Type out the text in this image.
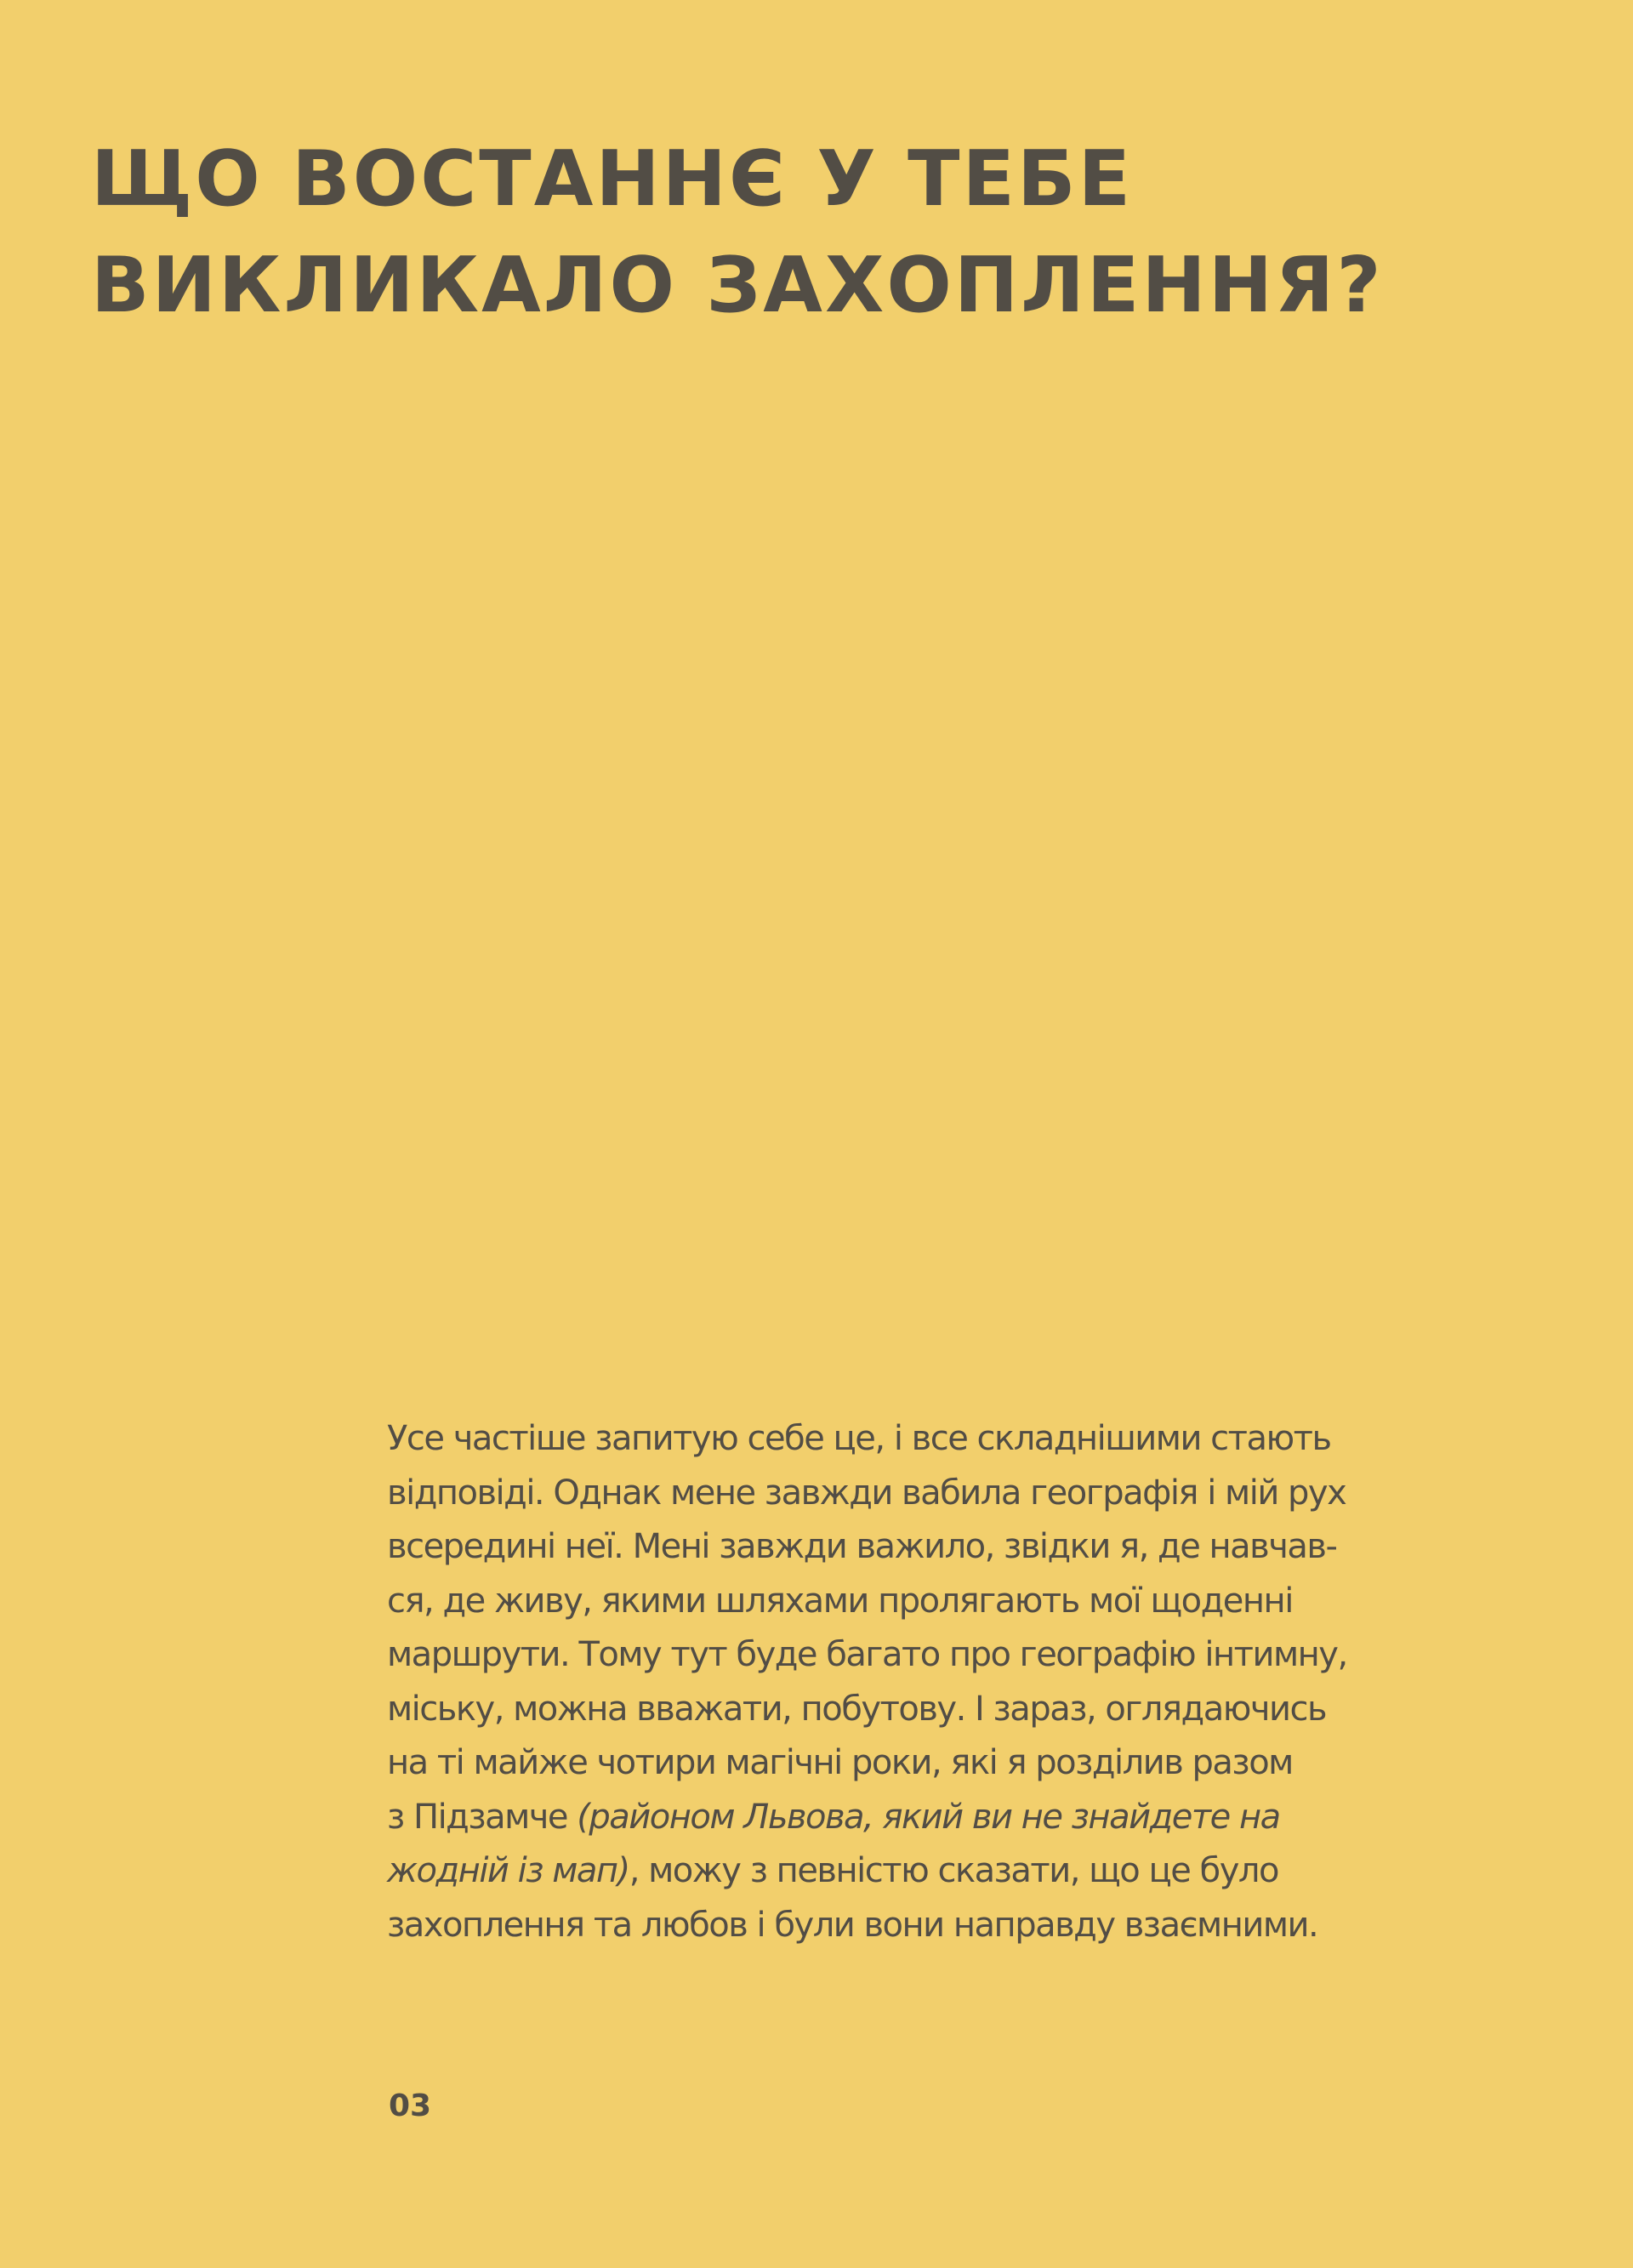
ЩО ВОСТАННЄ У ТЕБЕ
ВИКЛИКАЛО ЗАХОПЛЕННЯ?
Усе частіше запитую себе це, і все складнішими стають
відповіді. Однак мене завжди вабила географія і мій рух
всередині неї. Мені завжди важило, звідки я, де навчав-
ся, де живу, якими шляхами пролягають мої щоденні
маршрути. Тому тут буде багато про географію інтимну,
міську, можна вважати, побутову. І зараз, оглядаючись
на ті майже чотири магічні роки, які я розділив разом
з Підзамче (районом Львова, який ви не знайдете на
жодній із мап), можу з певністю сказати, що це було
захоплення та любов і були вони направду взаємними.
03
